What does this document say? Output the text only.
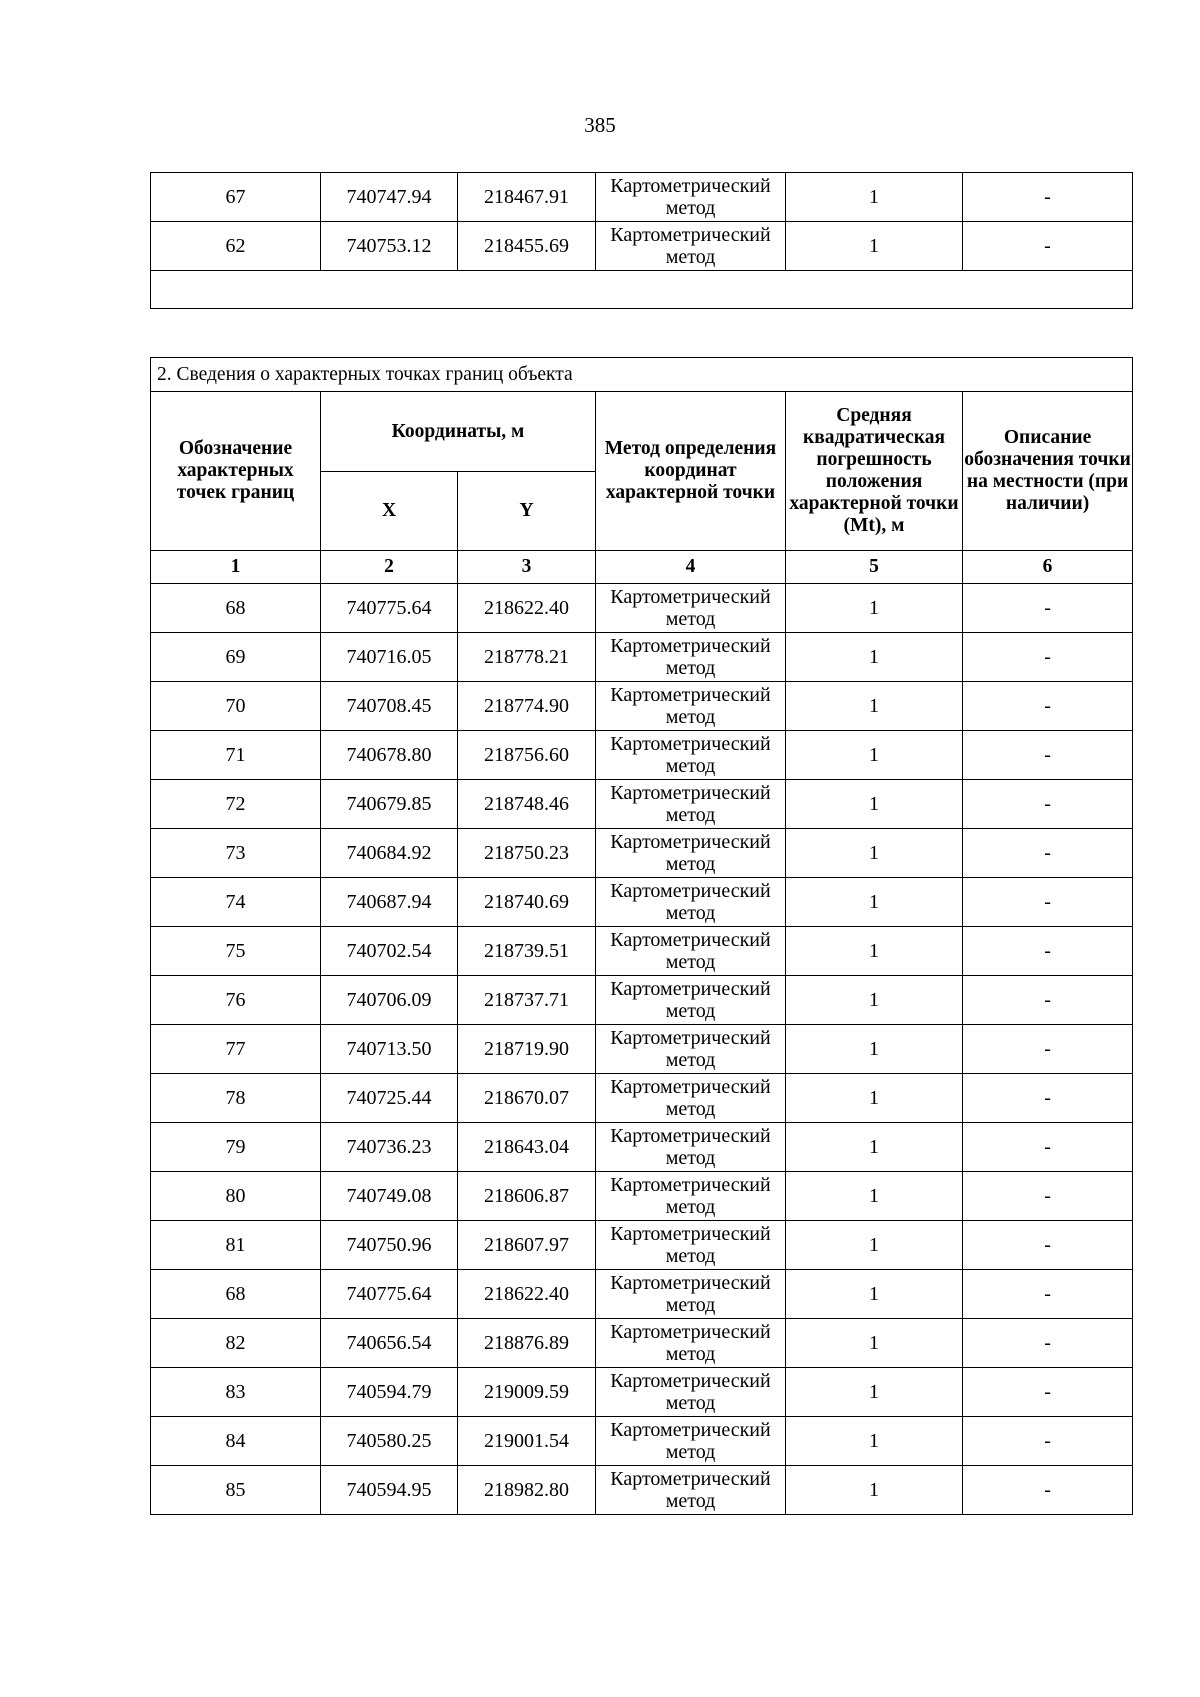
385
67	740747.94	218467.91	Картометрический
метод	1	-
62	740753.12	218455.69	Картометрический
метод	1	-

2. Сведения о характерных точках границ объекта					
Обозначение характерных точек границ	Координаты, м		Метод определения координат характерной точки	Средняя квадратическая погрешность положения характерной точки (Mt), м	Описание обозначения точки на местности (при наличии)
	X	Y			
1	2	3	4	5	6
68	740775.64	218622.40	Картометрический
метод	1	-
69	740716.05	218778.21	Картометрический
метод	1	-
70	740708.45	218774.90	Картометрический
метод	1	-
71	740678.80	218756.60	Картометрический
метод	1	-
72	740679.85	218748.46	Картометрический
метод	1	-
73	740684.92	218750.23	Картометрический
метод	1	-
74	740687.94	218740.69	Картометрический
метод	1	-
75	740702.54	218739.51	Картометрический
метод	1	-
76	740706.09	218737.71	Картометрический
метод	1	-
77	740713.50	218719.90	Картометрический
метод	1	-
78	740725.44	218670.07	Картометрический
метод	1	-
79	740736.23	218643.04	Картометрический
метод	1	-
80	740749.08	218606.87	Картометрический
метод	1	-
81	740750.96	218607.97	Картометрический
метод	1	-
68	740775.64	218622.40	Картометрический
метод	1	-
82	740656.54	218876.89	Картометрический
метод	1	-
83	740594.79	219009.59	Картометрический
метод	1	-
84	740580.25	219001.54	Картометрический
метод	1	-
85	740594.95	218982.80	Картометрический
метод	1	-
